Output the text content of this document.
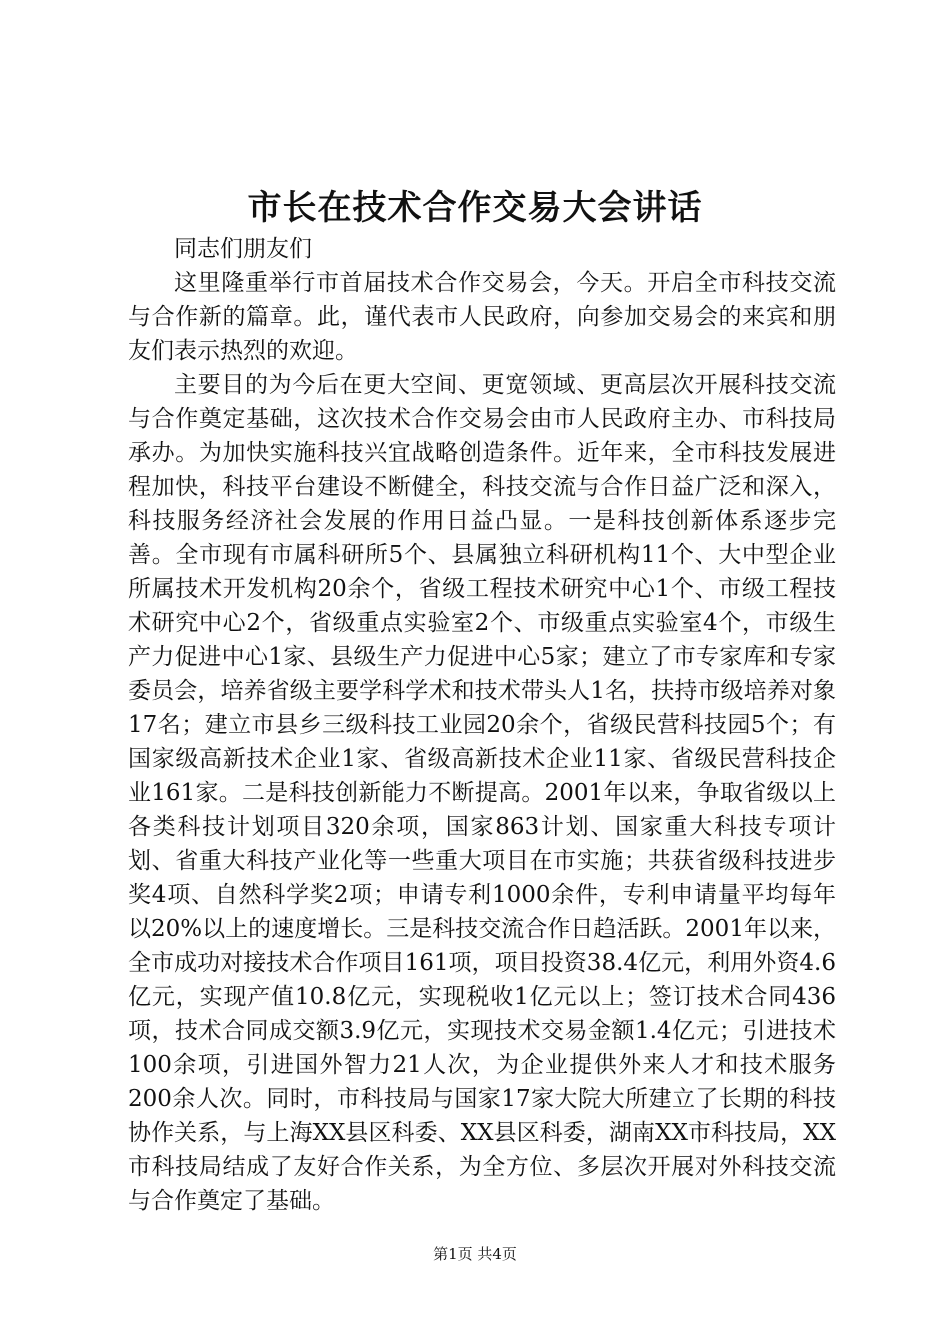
市长在技术合作交易大会讲话

同志们朋友们

这里隆重举行市首届技术合作交易会，今天。开启全市科技交流与合作新的篇章。此，谨代表市人民政府，向参加交易会的来宾和朋友们表示热烈的欢迎。

主要目的为今后在更大空间、更宽领域、更高层次开展科技交流与合作奠定基础，这次技术合作交易会由市人民政府主办、市科技局承办。为加快实施科技兴宜战略创造条件。近年来，全市科技发展进程加快，科技平台建设不断健全，科技交流与合作日益广泛和深入，科技服务经济社会发展的作用日益凸显。一是科技创新体系逐步完善。全市现有市属科研所5个、县属独立科研机构11个、大中型企业所属技术开发机构20余个，省级工程技术研究中心1个、市级工程技术研究中心2个，省级重点实验室2个、市级重点实验室4个，市级生产力促进中心1家、县级生产力促进中心5家；建立了市专家库和专家委员会，培养省级主要学科学术和技术带头人1名，扶持市级培养对象17名；建立市县乡三级科技工业园20余个，省级民营科技园5个；有国家级高新技术企业1家、省级高新技术企业11家、省级民营科技企业161家。二是科技创新能力不断提高。2001年以来，争取省级以上各类科技计划项目320余项，国家863计划、国家重大科技专项计划、省重大科技产业化等一些重大项目在市实施；共获省级科技进步奖4项、自然科学奖2项；申请专利1000余件，专利申请量平均每年以20%以上的速度增长。三是科技交流合作日趋活跃。2001年以来，全市成功对接技术合作项目161项，项目投资38.4亿元，利用外资4.6亿元，实现产值10.8亿元，实现税收1亿元以上；签订技术合同436项，技术合同成交额3.9亿元，实现技术交易金额1.4亿元；引进技术100余项，引进国外智力21人次，为企业提供外来人才和技术服务200余人次。同时，市科技局与国家17家大院大所建立了长期的科技协作关系，与上海XX县区科委、XX县区科委，湖南XX市科技局，XX市科技局结成了友好合作关系，为全方位、多层次开展对外科技交流与合作奠定了基础。

第1页 共4页
